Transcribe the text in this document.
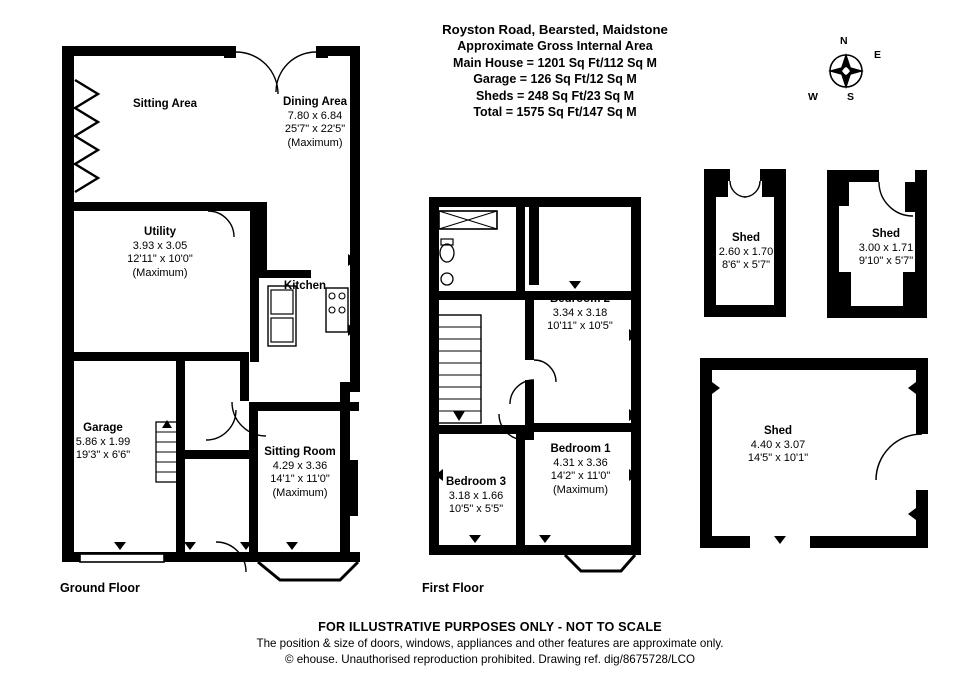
Royston Road, Bearsted, Maidstone
Approximate Gross Internal Area
Main House = 1201 Sq Ft/112 Sq M
Garage = 126 Sq Ft/12 Sq M
Sheds = 248 Sq Ft/23 Sq M
Total = 1575 Sq Ft/147 Sq M
N
E
S
W
Sitting Area	Dining Area
7.80 x 6.84
25'7" x 22'5"
(Maximum)
Utility
3.93 x 3.05
12'11" x 10'0"
(Maximum)
Kitchen
Garage
5.86 x 1.99
19'3" x 6'6"	Sitting Room
4.29 x 3.36
14'1" x 11'0"
(Maximum)
Ground Floor
Bedroom 2
3.34 x 3.18
10'11" x 10'5"
Bedroom 1
4.31 x 3.36
14'2" x 11'0"
(Maximum)
Bedroom 3
3.18 x 1.66
10'5" x 5'5"
First Floor
Shed
2.60 x 1.70
8'6" x 5'7"
Shed
3.00 x 1.71
9'10" x 5'7"
Shed
4.40 x 3.07
14'5" x 10'1"
FOR ILLUSTRATIVE PURPOSES ONLY - NOT TO SCALE
The position & size of doors, windows, appliances and other features are approximate only.
© ehouse. Unauthorised reproduction prohibited. Drawing ref. dig/8675728/LCO
